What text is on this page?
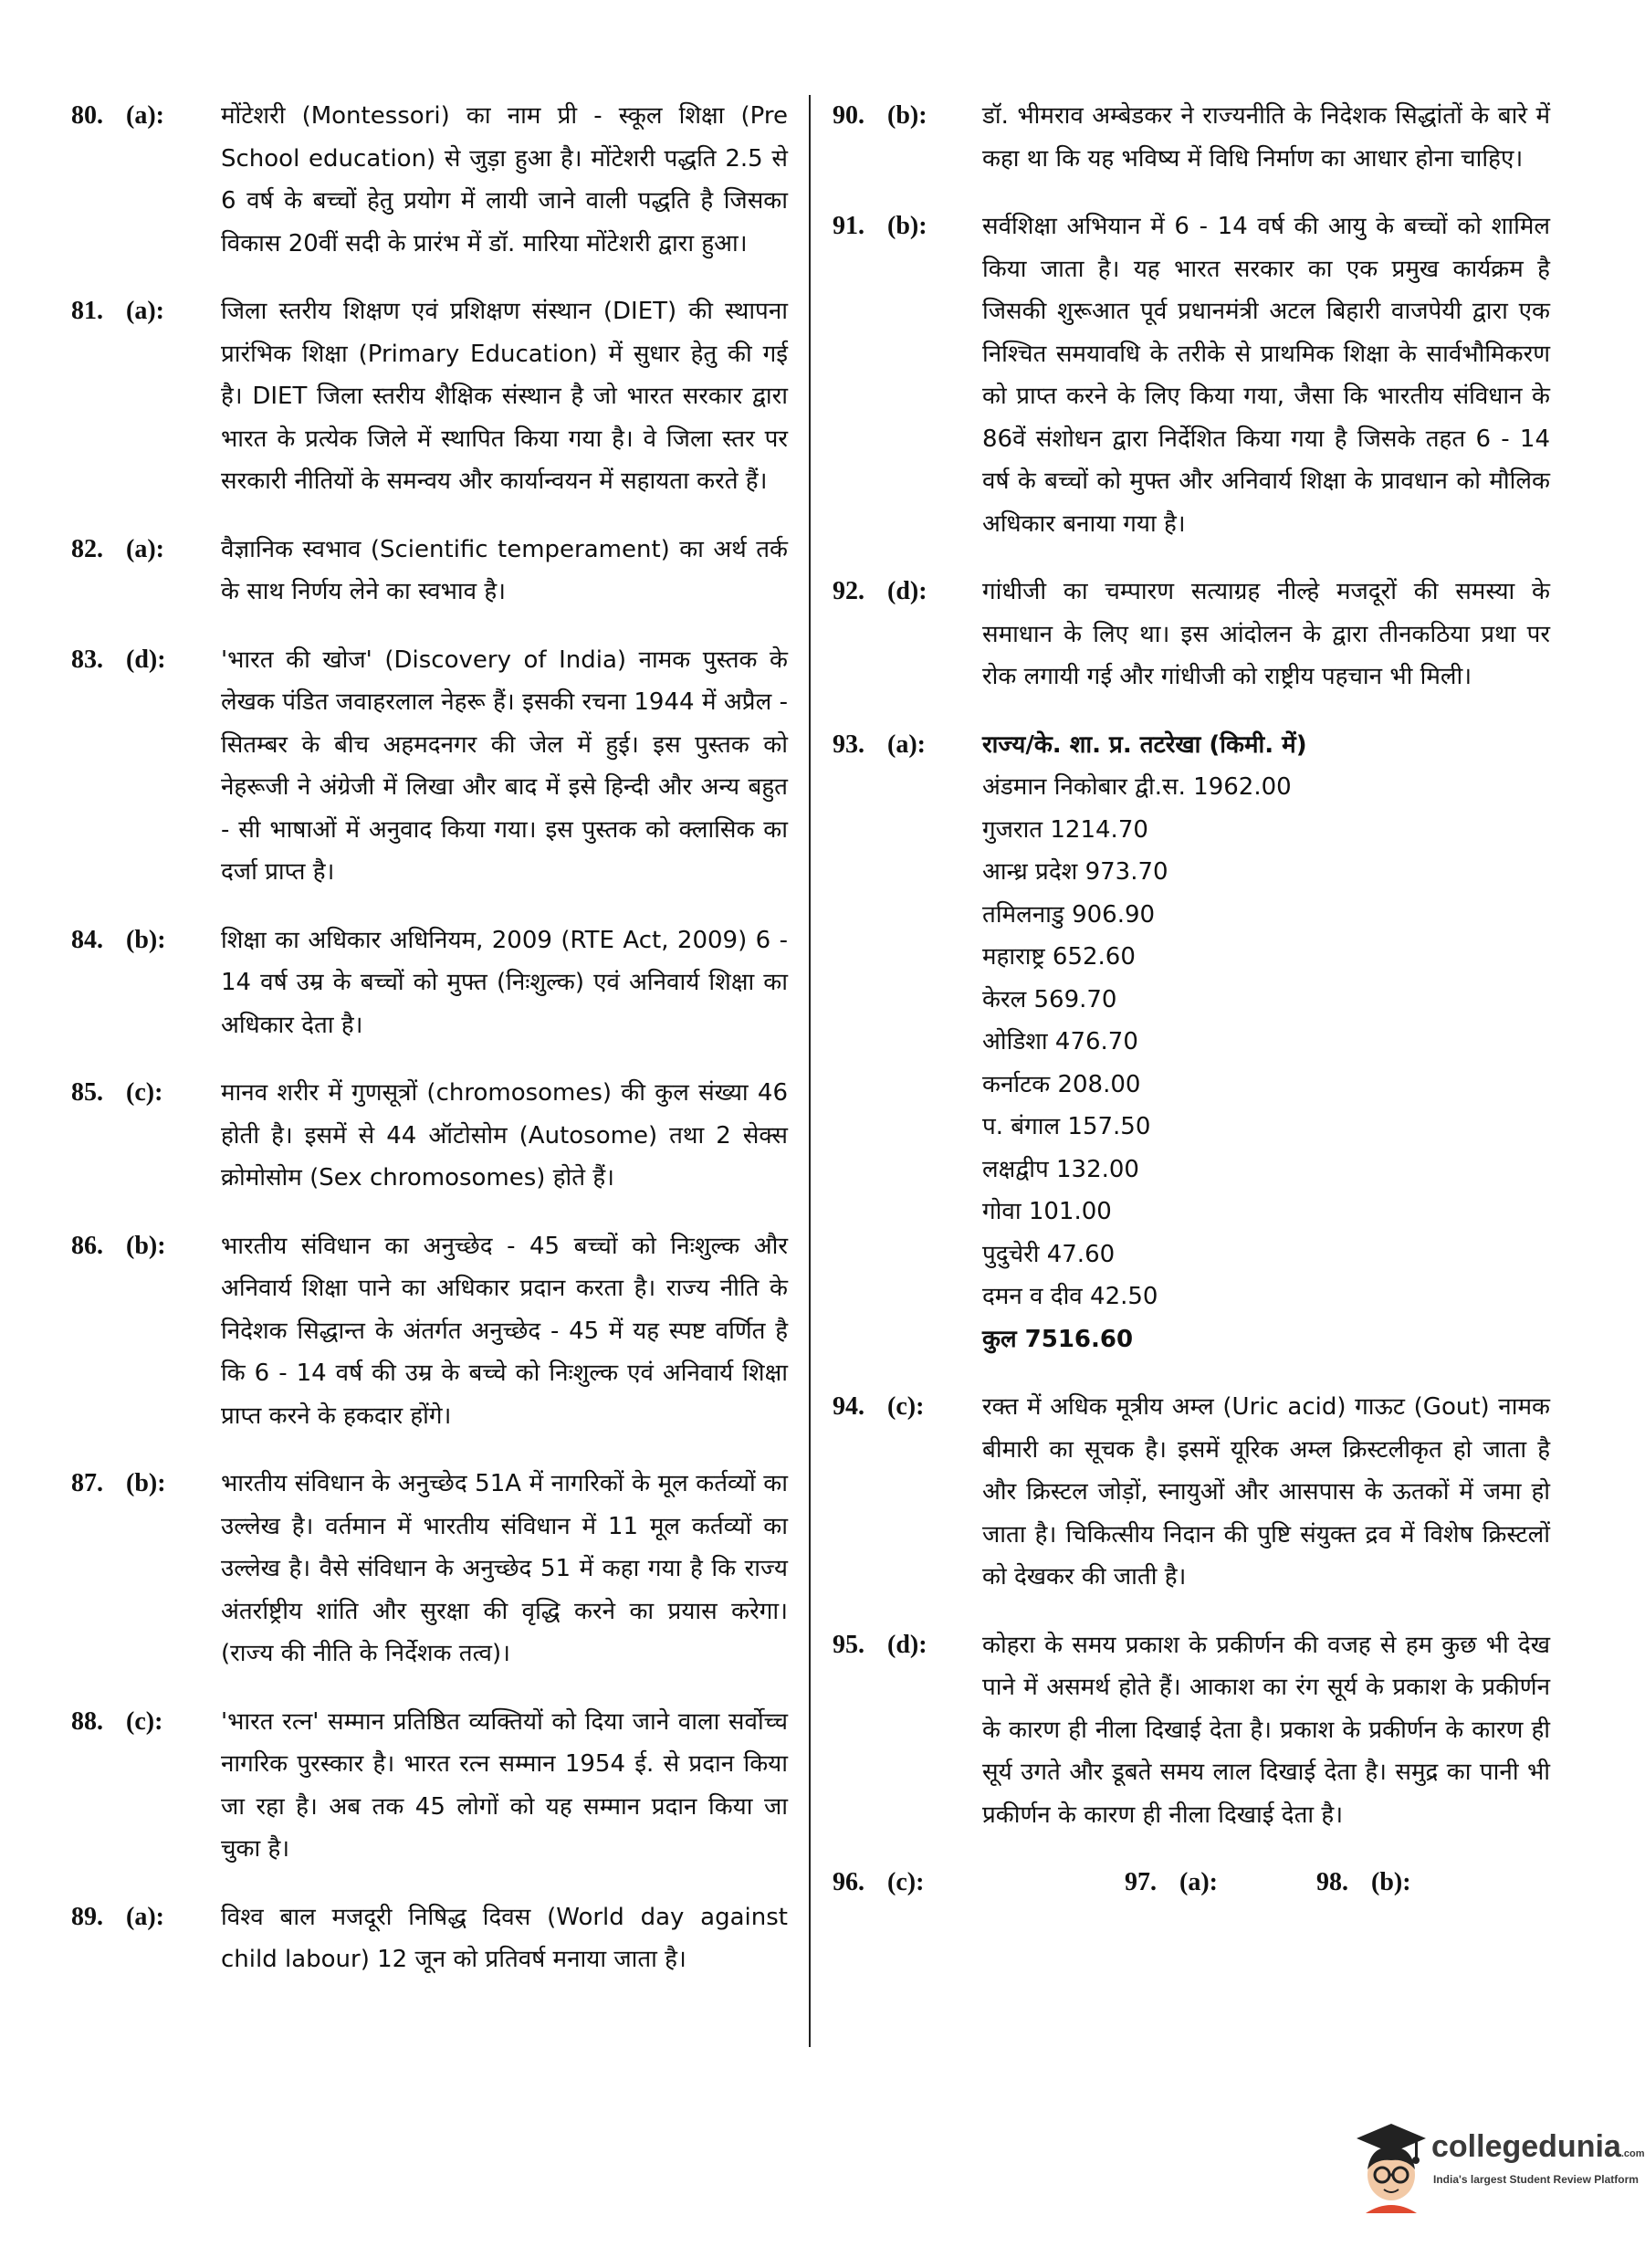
80. (a):	मोंटेशरी (Montessori) का नाम प्री - स्कूल शिक्षा (Pre School education) से जुड़ा हुआ है। मोंटेशरी पद्धति 2.5 से 6 वर्ष के बच्चों हेतु प्रयोग में लायी जाने वाली पद्धति है जिसका विकास 20वीं सदी के प्रारंभ में डॉ. मारिया मोंटेशरी द्वारा हुआ।
81. (a):	जिला स्तरीय शिक्षण एवं प्रशिक्षण संस्थान (DIET) की स्थापना प्रारंभिक शिक्षा (Primary Education) में सुधार हेतु की गई है। DIET जिला स्तरीय शैक्षिक संस्थान है जो भारत सरकार द्वारा भारत के प्रत्येक जिले में स्थापित किया गया है। वे जिला स्तर पर सरकारी नीतियों के समन्वय और कार्यान्वयन में सहायता करते हैं।
82. (a):	वैज्ञानिक स्वभाव (Scientific temperament) का अर्थ तर्क के साथ निर्णय लेने का स्वभाव है।
83. (d):	'भारत की खोज' (Discovery of India) नामक पुस्तक के लेखक पंडित जवाहरलाल नेहरू हैं। इसकी रचना 1944 में अप्रैल - सितम्बर के बीच अहमदनगर की जेल में हुई। इस पुस्तक को नेहरूजी ने अंग्रेजी में लिखा और बाद में इसे हिन्दी और अन्य बहुत - सी भाषाओं में अनुवाद किया गया। इस पुस्तक को क्लासिक का दर्जा प्राप्त है।
84. (b):	शिक्षा का अधिकार अधिनियम, 2009 (RTE Act, 2009) 6 - 14 वर्ष उम्र के बच्चों को मुफ्त (निःशुल्क) एवं अनिवार्य शिक्षा का अधिकार देता है।
85. (c):	मानव शरीर में गुणसूत्रों (chromosomes) की कुल संख्या 46 होती है। इसमें से 44 ऑटोसोम (Autosome) तथा 2 सेक्स क्रोमोसोम (Sex chromosomes) होते हैं।
86. (b):	भारतीय संविधान का अनुच्छेद - 45 बच्चों को निःशुल्क और अनिवार्य शिक्षा पाने का अधिकार प्रदान करता है। राज्य नीति के निदेशक सिद्धान्त के अंतर्गत अनुच्छेद - 45 में यह स्पष्ट वर्णित है कि 6 - 14 वर्ष की उम्र के बच्चे को निःशुल्क एवं अनिवार्य शिक्षा प्राप्त करने के हकदार होंगे।
87. (b):	भारतीय संविधान के अनुच्छेद 51A में नागरिकों के मूल कर्तव्यों का उल्लेख है। वर्तमान में भारतीय संविधान में 11 मूल कर्तव्यों का उल्लेख है। वैसे संविधान के अनुच्छेद 51 में कहा गया है कि राज्य अंतर्राष्ट्रीय शांति और सुरक्षा की वृद्धि करने का प्रयास करेगा। (राज्य की नीति के निर्देशक तत्व)।
88. (c):	'भारत रत्न' सम्मान प्रतिष्ठित व्यक्तियों को दिया जाने वाला सर्वोच्च नागरिक पुरस्कार है। भारत रत्न सम्मान 1954 ई. से प्रदान किया जा रहा है। अब तक 45 लोगों को यह सम्मान प्रदान किया जा चुका है।
89. (a):	विश्व बाल मजदूरी निषिद्ध दिवस (World day against child labour) 12 जून को प्रतिवर्ष मनाया जाता है।
90. (b):	डॉ. भीमराव अम्बेडकर ने राज्यनीति के निदेशक सिद्धांतों के बारे में कहा था कि यह भविष्य में विधि निर्माण का आधार होना चाहिए।
91. (b):	सर्वशिक्षा अभियान में 6 - 14 वर्ष की आयु के बच्चों को शामिल किया जाता है। यह भारत सरकार का एक प्रमुख कार्यक्रम है जिसकी शुरूआत पूर्व प्रधानमंत्री अटल बिहारी वाजपेयी द्वारा एक निश्चित समयावधि के तरीके से प्राथमिक शिक्षा के सार्वभौमिकरण को प्राप्त करने के लिए किया गया, जैसा कि भारतीय संविधान के 86वें संशोधन द्वारा निर्देशित किया गया है जिसके तहत 6 - 14 वर्ष के बच्चों को मुफ्त और अनिवार्य शिक्षा के प्रावधान को मौलिक अधिकार बनाया गया है।
92. (d):	गांधीजी का चम्पारण सत्याग्रह नील्हे मजदूरों की समस्या के समाधान के लिए था। इस आंदोलन के द्वारा तीनकठिया प्रथा पर रोक लगायी गई और गांधीजी को राष्ट्रीय पहचान भी मिली।
93. (a):	राज्य/के. शा. प्र. तटरेखा (किमी. में)
अंडमान निकोबार द्वी.स. 1962.00
गुजरात 1214.70
आन्ध्र प्रदेश 973.70
तमिलनाडु 906.90
महाराष्ट्र 652.60
केरल 569.70
ओडिशा 476.70
कर्नाटक 208.00
प. बंगाल 157.50
लक्षद्वीप 132.00
गोवा 101.00
पुदुचेरी 47.60
दमन व दीव 42.50
कुल 7516.60
94. (c):	रक्त में अधिक मूत्रीय अम्ल (Uric acid) गाऊट (Gout) नामक बीमारी का सूचक है। इसमें यूरिक अम्ल क्रिस्टलीकृत हो जाता है और क्रिस्टल जोड़ों, स्नायुओं और आसपास के ऊतकों में जमा हो जाता है। चिकित्सीय निदान की पुष्टि संयुक्त द्रव में विशेष क्रिस्टलों को देखकर की जाती है।
95. (d):	कोहरा के समय प्रकाश के प्रकीर्णन की वजह से हम कुछ भी देख पाने में असमर्थ होते हैं। आकाश का रंग सूर्य के प्रकाश के प्रकीर्णन के कारण ही नीला दिखाई देता है। प्रकाश के प्रकीर्णन के कारण ही सूर्य उगते और डूबते समय लाल दिखाई देता है। समुद्र का पानी भी प्रकीर्णन के कारण ही नीला दिखाई देता है।
96. (c):	97. (a):	98. (b):
collegedunia.com
India's largest Student Review Platform
